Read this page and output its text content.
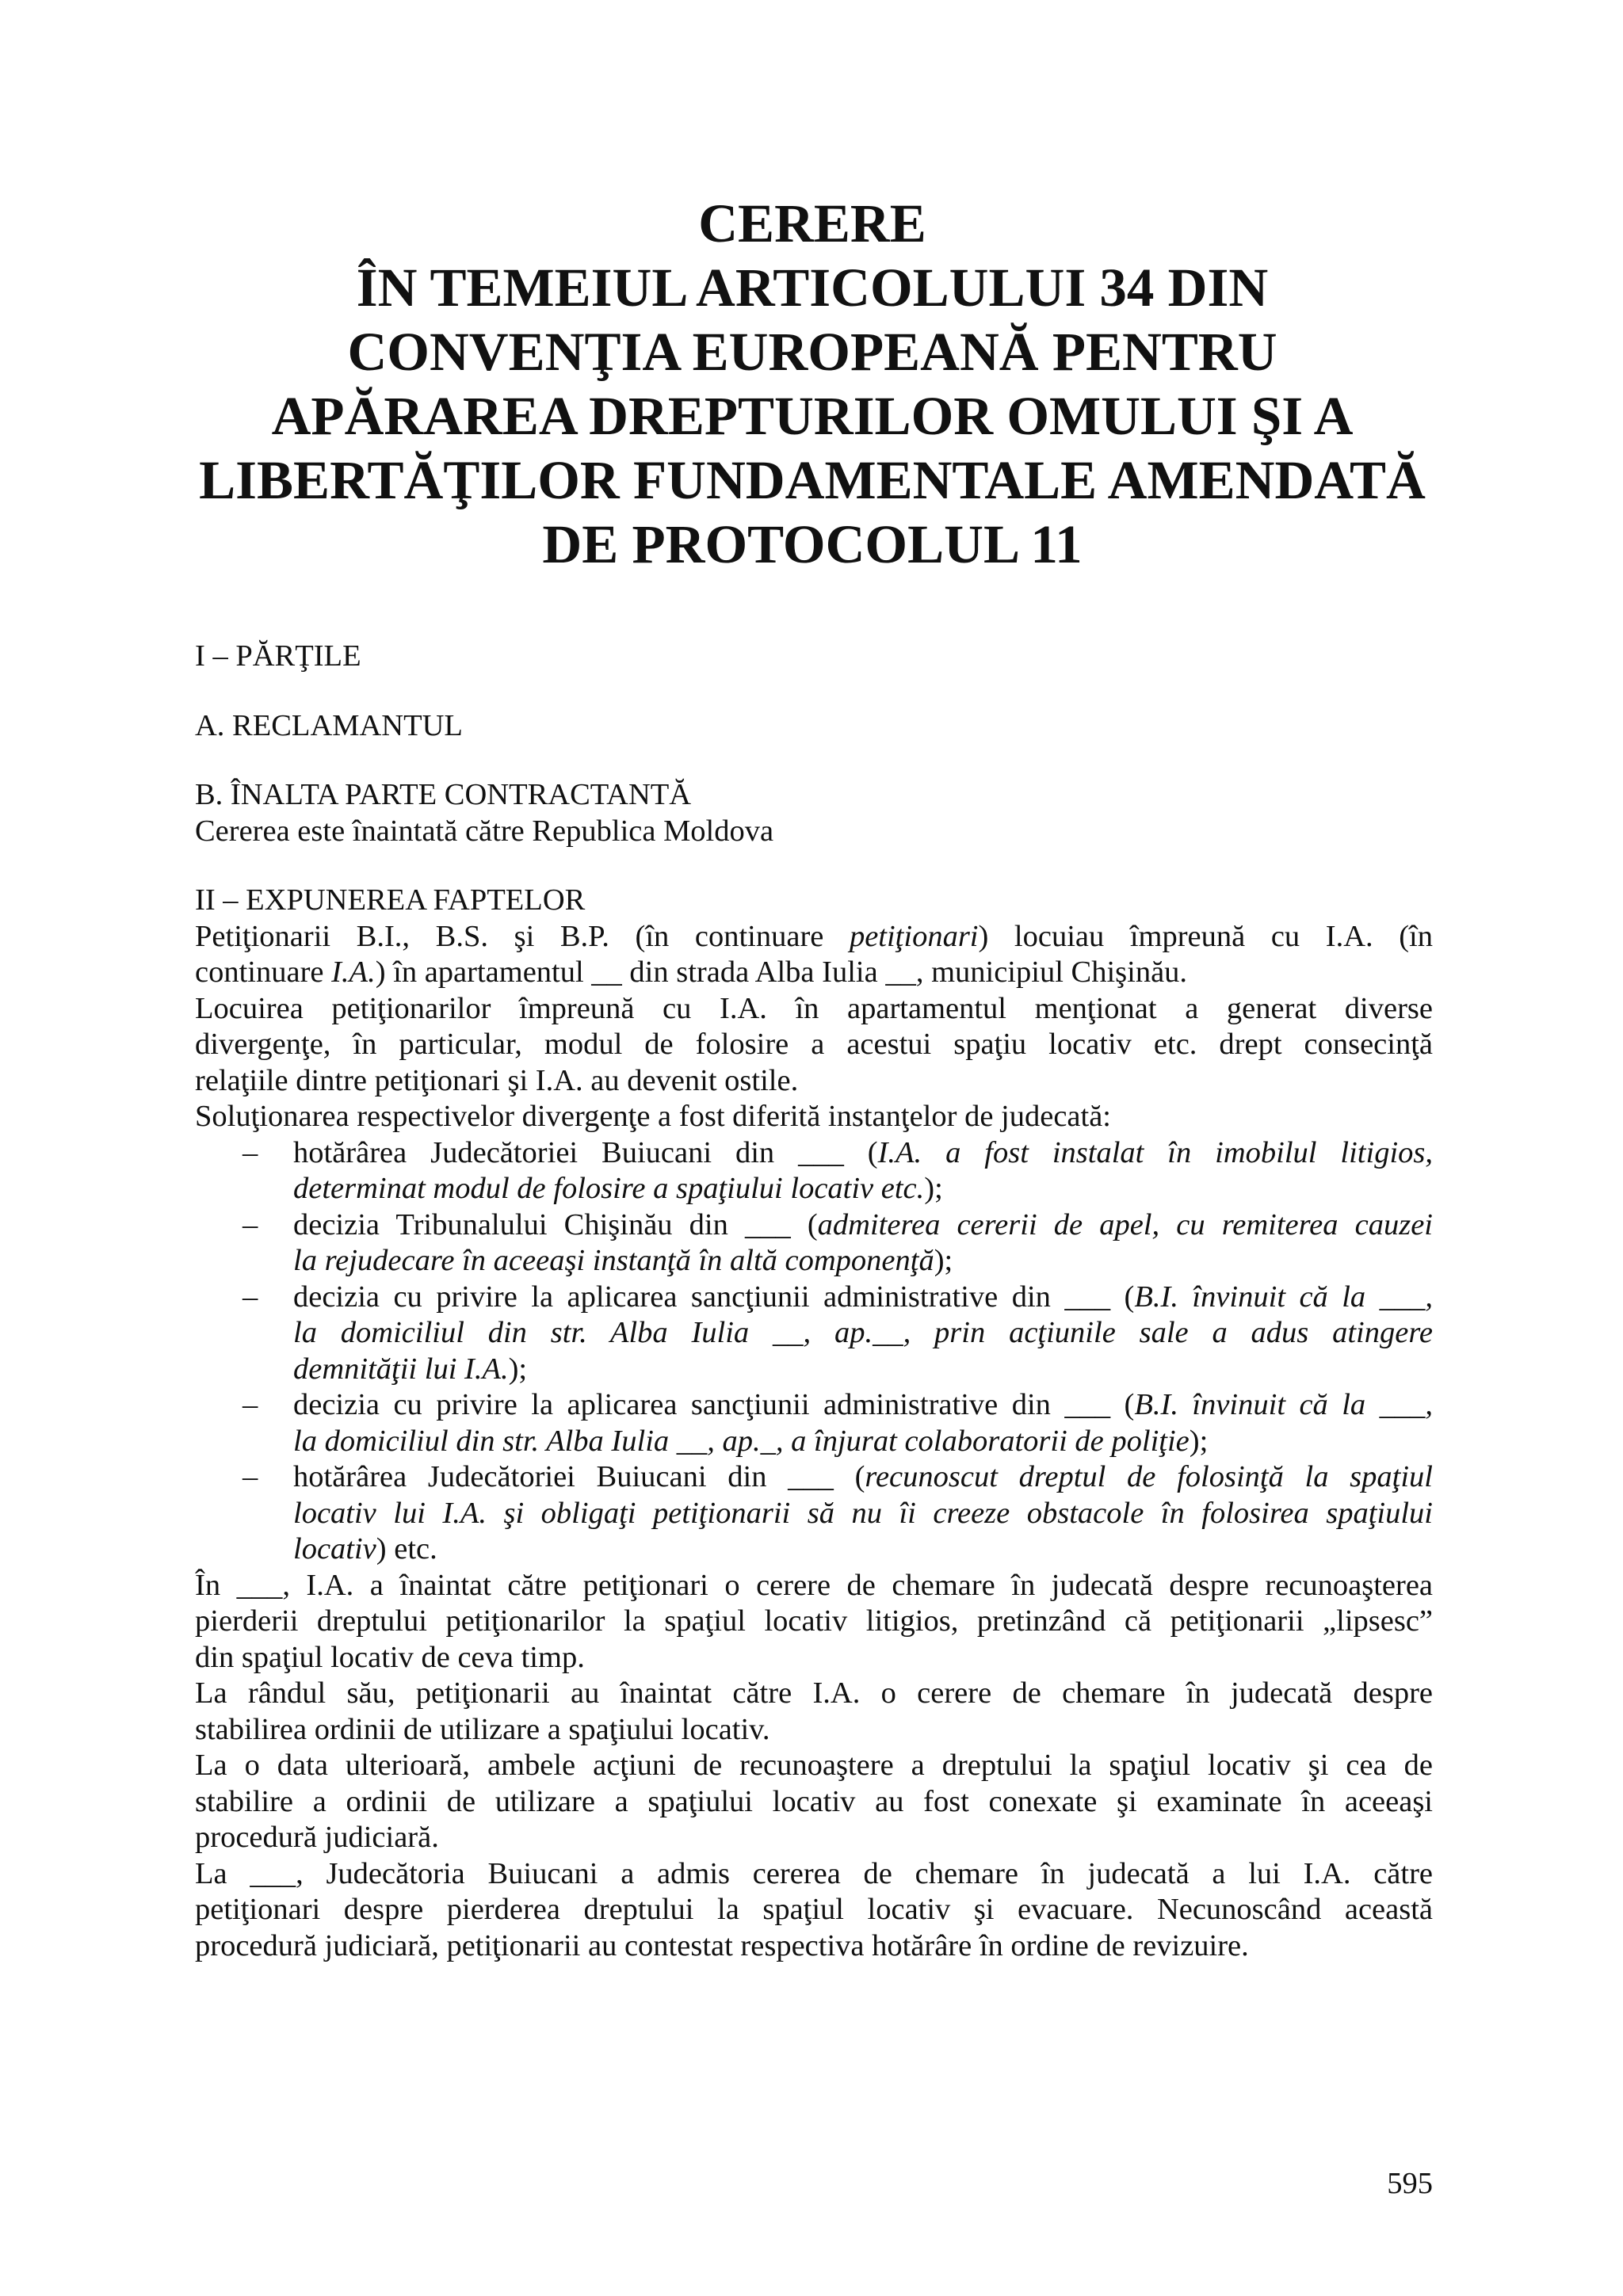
CERERE
ÎN TEMEIUL ARTICOLULUI 34 DIN
CONVENŢIA EUROPEANĂ PENTRU
APĂRAREA DREPTURILOR OMULUI ŞI A
LIBERTĂŢILOR FUNDAMENTALE AMENDATĂ
DE PROTOCOLUL 11

I – PĂRŢILE

A. RECLAMANTUL

B. ÎNALTA PARTE CONTRACTANTĂ

Cererea este înaintată către Republica Moldova

II – EXPUNEREA FAPTELOR

Petiţionarii B.I., B.S. şi B.P. (în continuare petiţionari) locuiau împreună cu I.A. (în
continuare I.A.) în apartamentul __ din strada Alba Iulia __, municipiul Chişinău.

Locuirea petiţionarilor împreună cu I.A. în apartamentul menţionat a generat diverse
divergenţe, în particular, modul de folosire a acestui spaţiu locativ etc. drept consecinţă
relaţiile dintre petiţionari şi I.A. au devenit ostile.

Soluţionarea respectivelor divergenţe a fost diferită instanţelor de judecată:

– hotărârea Judecătoriei Buiucani din ___ (I.A. a fost instalat în imobilul litigios,
determinat modul de folosire a spaţiului locativ etc.);
– decizia Tribunalului Chişinău din ___ (admiterea cererii de apel, cu remiterea cauzei
la rejudecare în aceeaşi instanţă în altă componenţă);
– decizia cu privire la aplicarea sancţiunii administrative din ___ (B.I. învinuit că la ___,
la domiciliul din str. Alba Iulia __, ap.__, prin acţiunile sale a adus atingere
demnităţii lui I.A.);
– decizia cu privire la aplicarea sancţiunii administrative din ___ (B.I. învinuit că la ___,
la domiciliul din str. Alba Iulia __, ap._, a înjurat colaboratorii de poliţie);
– hotărârea Judecătoriei Buiucani din ___ (recunoscut dreptul de folosinţă la spaţiul
locativ lui I.A. şi obligaţi petiţionarii să nu îi creeze obstacole în folosirea spaţiului
locativ) etc.

În ___, I.A. a înaintat către petiţionari o cerere de chemare în judecată despre recunoaşterea
pierderii dreptului petiţionarilor la spaţiul locativ litigios, pretinzând că petiţionarii „lipsesc”
din spaţiul locativ de ceva timp.

La rândul său, petiţionarii au înaintat către I.A. o cerere de chemare în judecată despre
stabilirea ordinii de utilizare a spaţiului locativ.

La o data ulterioară, ambele acţiuni de recunoaştere a dreptului la spaţiul locativ şi cea de
stabilire a ordinii de utilizare a spaţiului locativ au fost conexate şi examinate în aceeaşi
procedură judiciară.

La ___, Judecătoria Buiucani a admis cererea de chemare în judecată a lui I.A. către
petiţionari despre pierderea dreptului la spaţiul locativ şi evacuare. Necunoscând această
procedură judiciară, petiţionarii au contestat respectiva hotărâre în ordine de revizuire.

595
